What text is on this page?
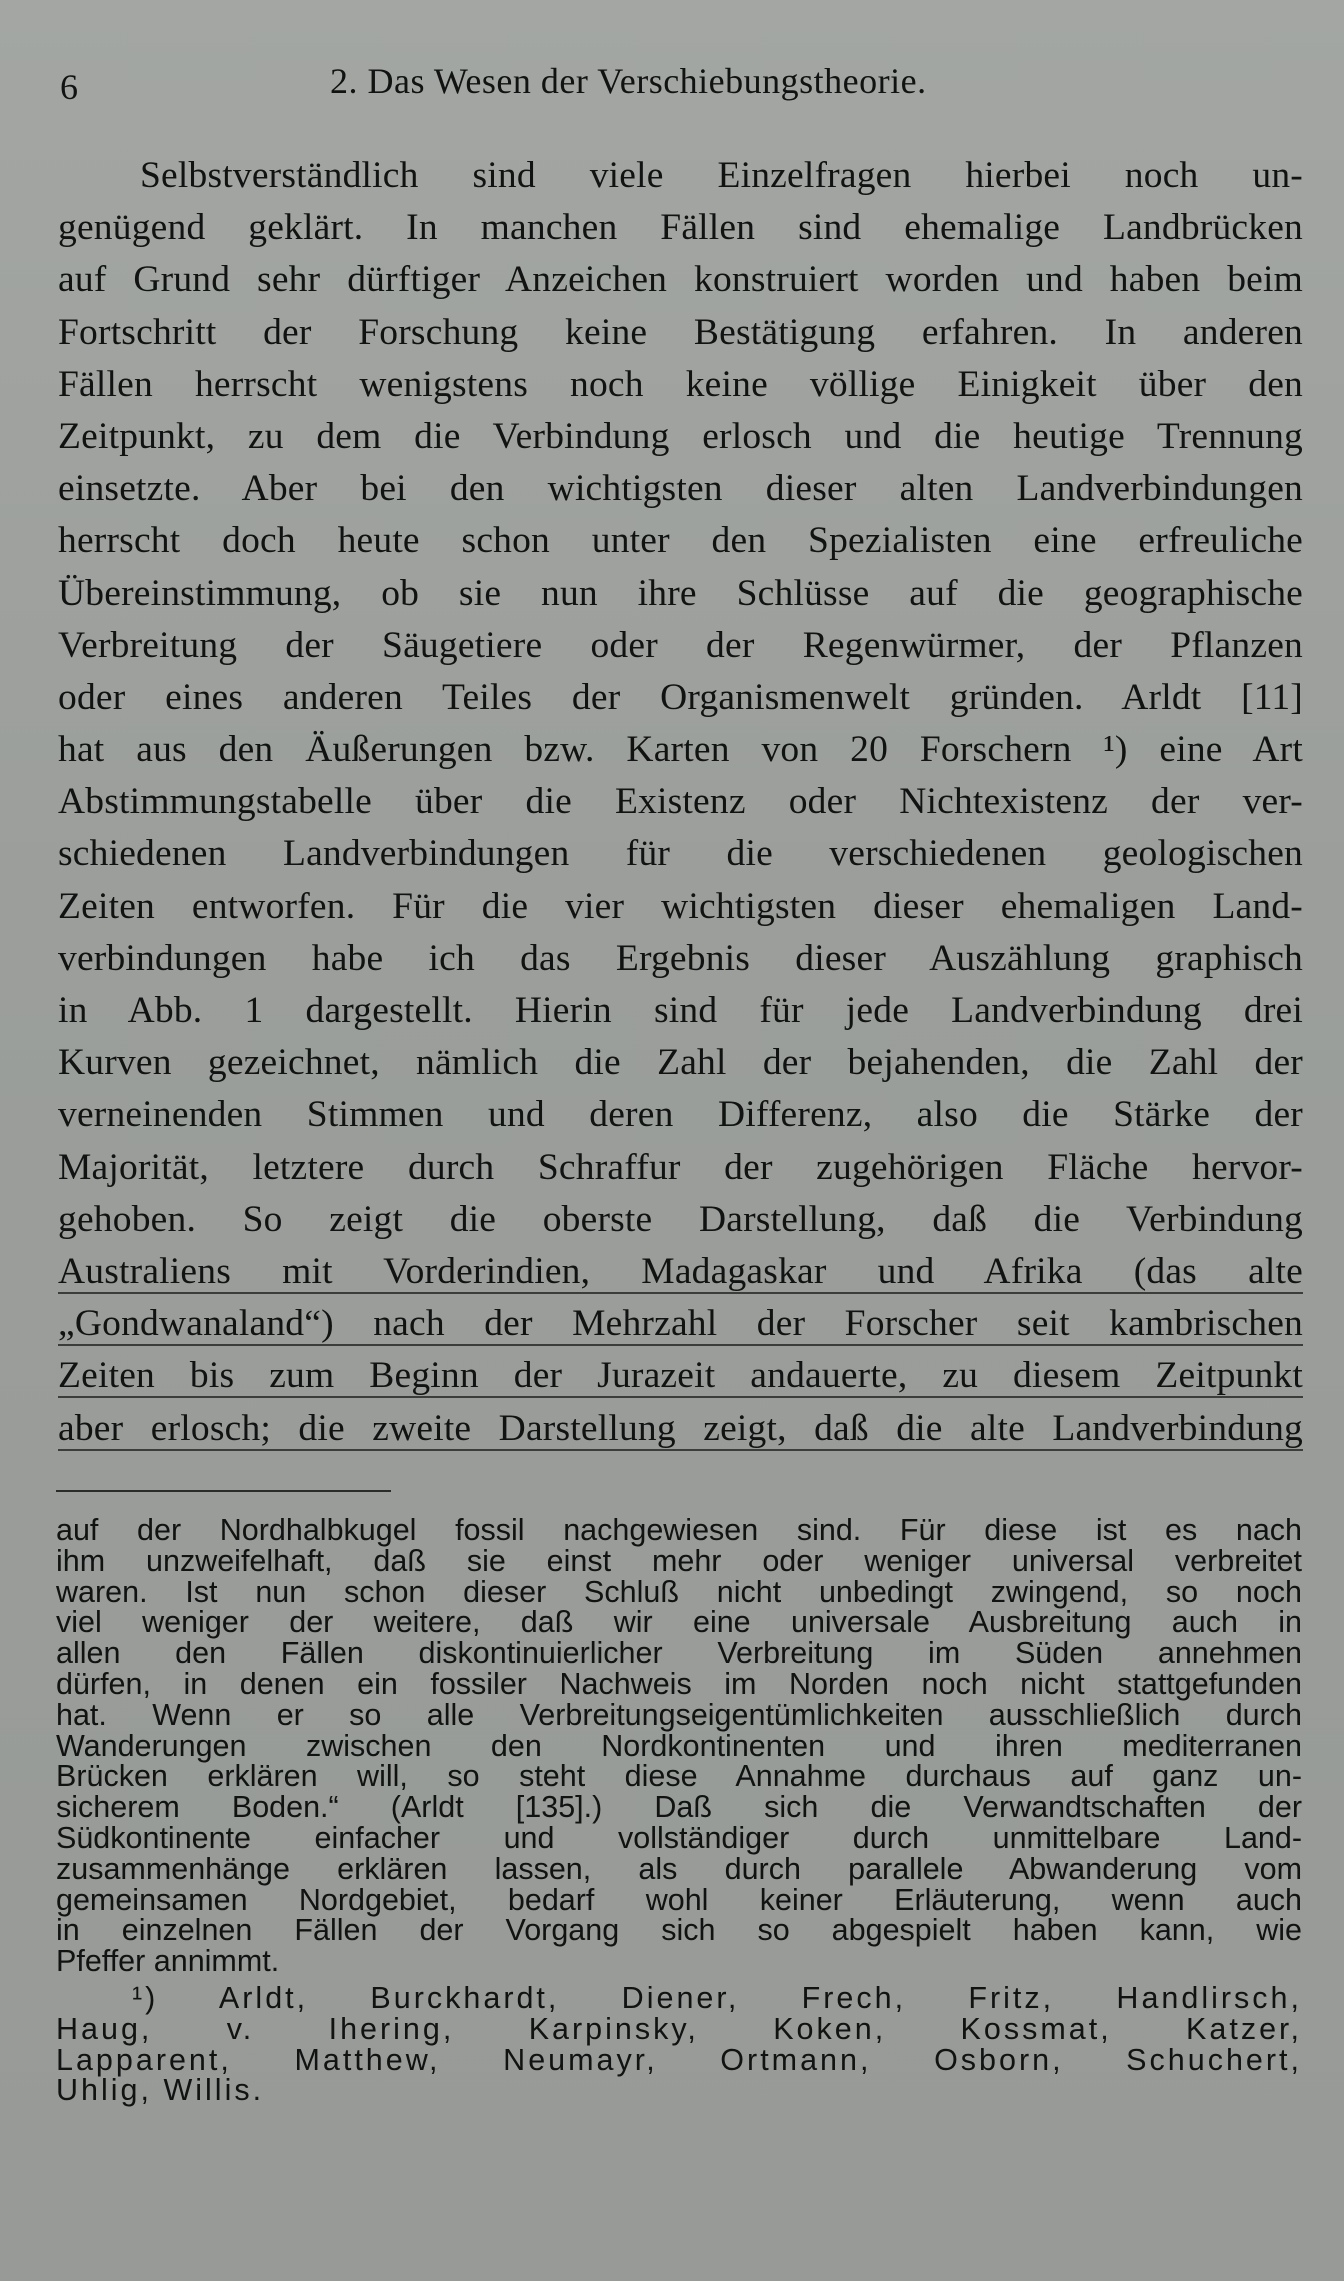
6	2. Das Wesen der Verschiebungstheorie.
Selbstverständlich sind viele Einzelfragen hierbei noch un-
genügend geklärt. In manchen Fällen sind ehemalige Landbrücken
auf Grund sehr dürftiger Anzeichen konstruiert worden und haben beim
Fortschritt der Forschung keine Bestätigung erfahren. In anderen
Fällen herrscht wenigstens noch keine völlige Einigkeit über den
Zeitpunkt, zu dem die Verbindung erlosch und die heutige Trennung
einsetzte. Aber bei den wichtigsten dieser alten Landverbindungen
herrscht doch heute schon unter den Spezialisten eine erfreuliche
Übereinstimmung, ob sie nun ihre Schlüsse auf die geographische
Verbreitung der Säugetiere oder der Regenwürmer, der Pflanzen
oder eines anderen Teiles der Organismenwelt gründen. Arldt [11]
hat aus den Äußerungen bzw. Karten von 20 Forschern ¹) eine Art
Abstimmungstabelle über die Existenz oder Nichtexistenz der ver-
schiedenen Landverbindungen für die verschiedenen geologischen
Zeiten entworfen. Für die vier wichtigsten dieser ehemaligen Land-
verbindungen habe ich das Ergebnis dieser Auszählung graphisch
in Abb. 1 dargestellt. Hierin sind für jede Landverbindung drei
Kurven gezeichnet, nämlich die Zahl der bejahenden, die Zahl der
verneinenden Stimmen und deren Differenz, also die Stärke der
Majorität, letztere durch Schraffur der zugehörigen Fläche hervor-
gehoben. So zeigt die oberste Darstellung, daß die Verbindung
Australiens mit Vorderindien, Madagaskar und Afrika (das alte
„Gondwanaland“) nach der Mehrzahl der Forscher seit kambrischen
Zeiten bis zum Beginn der Jurazeit andauerte, zu diesem Zeitpunkt
aber erlosch; die zweite Darstellung zeigt, daß die alte Landverbindung
auf der Nordhalbkugel fossil nachgewiesen sind. Für diese ist es nach
ihm unzweifelhaft, daß sie einst mehr oder weniger universal verbreitet
waren. Ist nun schon dieser Schluß nicht unbedingt zwingend, so noch
viel weniger der weitere, daß wir eine universale Ausbreitung auch in
allen den Fällen diskontinuierlicher Verbreitung im Süden annehmen
dürfen, in denen ein fossiler Nachweis im Norden noch nicht stattgefunden
hat. Wenn er so alle Verbreitungseigentümlichkeiten ausschließlich durch
Wanderungen zwischen den Nordkontinenten und ihren mediterranen
Brücken erklären will, so steht diese Annahme durchaus auf ganz un-
sicherem Boden.“ (Arldt [135].) Daß sich die Verwandtschaften der
Südkontinente einfacher und vollständiger durch unmittelbare Land-
zusammenhänge erklären lassen, als durch parallele Abwanderung vom
gemeinsamen Nordgebiet, bedarf wohl keiner Erläuterung, wenn auch
in einzelnen Fällen der Vorgang sich so abgespielt haben kann, wie
Pfeffer annimmt.
¹) Arldt, Burckhardt, Diener, Frech, Fritz, Handlirsch,
Haug, v. Ihering, Karpinsky, Koken, Kossmat, Katzer,
Lapparent, Matthew, Neumayr, Ortmann, Osborn, Schuchert,
Uhlig, Willis.
